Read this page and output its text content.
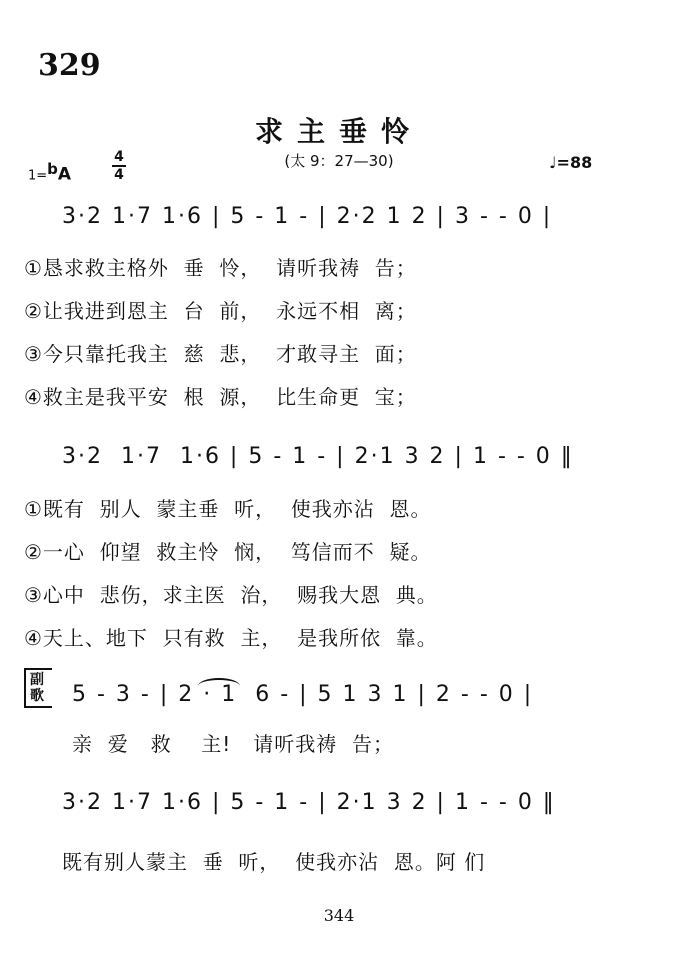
329
求主垂怜
(太 9：27—30)
1=$^b$A
4
4
♩=88
3·2 1·7 1·6 | 5 - 1 - | 2·2 1 2 | 3 - - 0 |
①恳求救主格外  垂  怜，  请听我祷  告；
②让我进到恩主  台  前，  永远不相  离；
③今只靠托我主  慈  悲，  才敢寻主  面；
④救主是我平安  根  源，  比生命更  宝；
3·2  1·7  1·6 | 5 - 1 - | 2·1 3 2 | 1 - - 0 ‖
①既有  别人  蒙主垂  听，  使我亦沾  恩。
②一心  仰望  救主怜  悯，  笃信而不  疑。
③心中  悲伤，求主医  治，  赐我大恩  典。
④天上、地下  只有救  主，  是我所依  靠。
副歌	5 - 3 - | 2 · 1  6 - | 5 1 3 1 | 2 - - 0 |
亲  爱   救    主!   请听我祷  告；
3·2 1·7 1·6 | 5 - 1 - | 2·1 3 2 | 1 - - 0 ‖
既有别人蒙主  垂  听，  使我亦沾  恩。阿 们
344
